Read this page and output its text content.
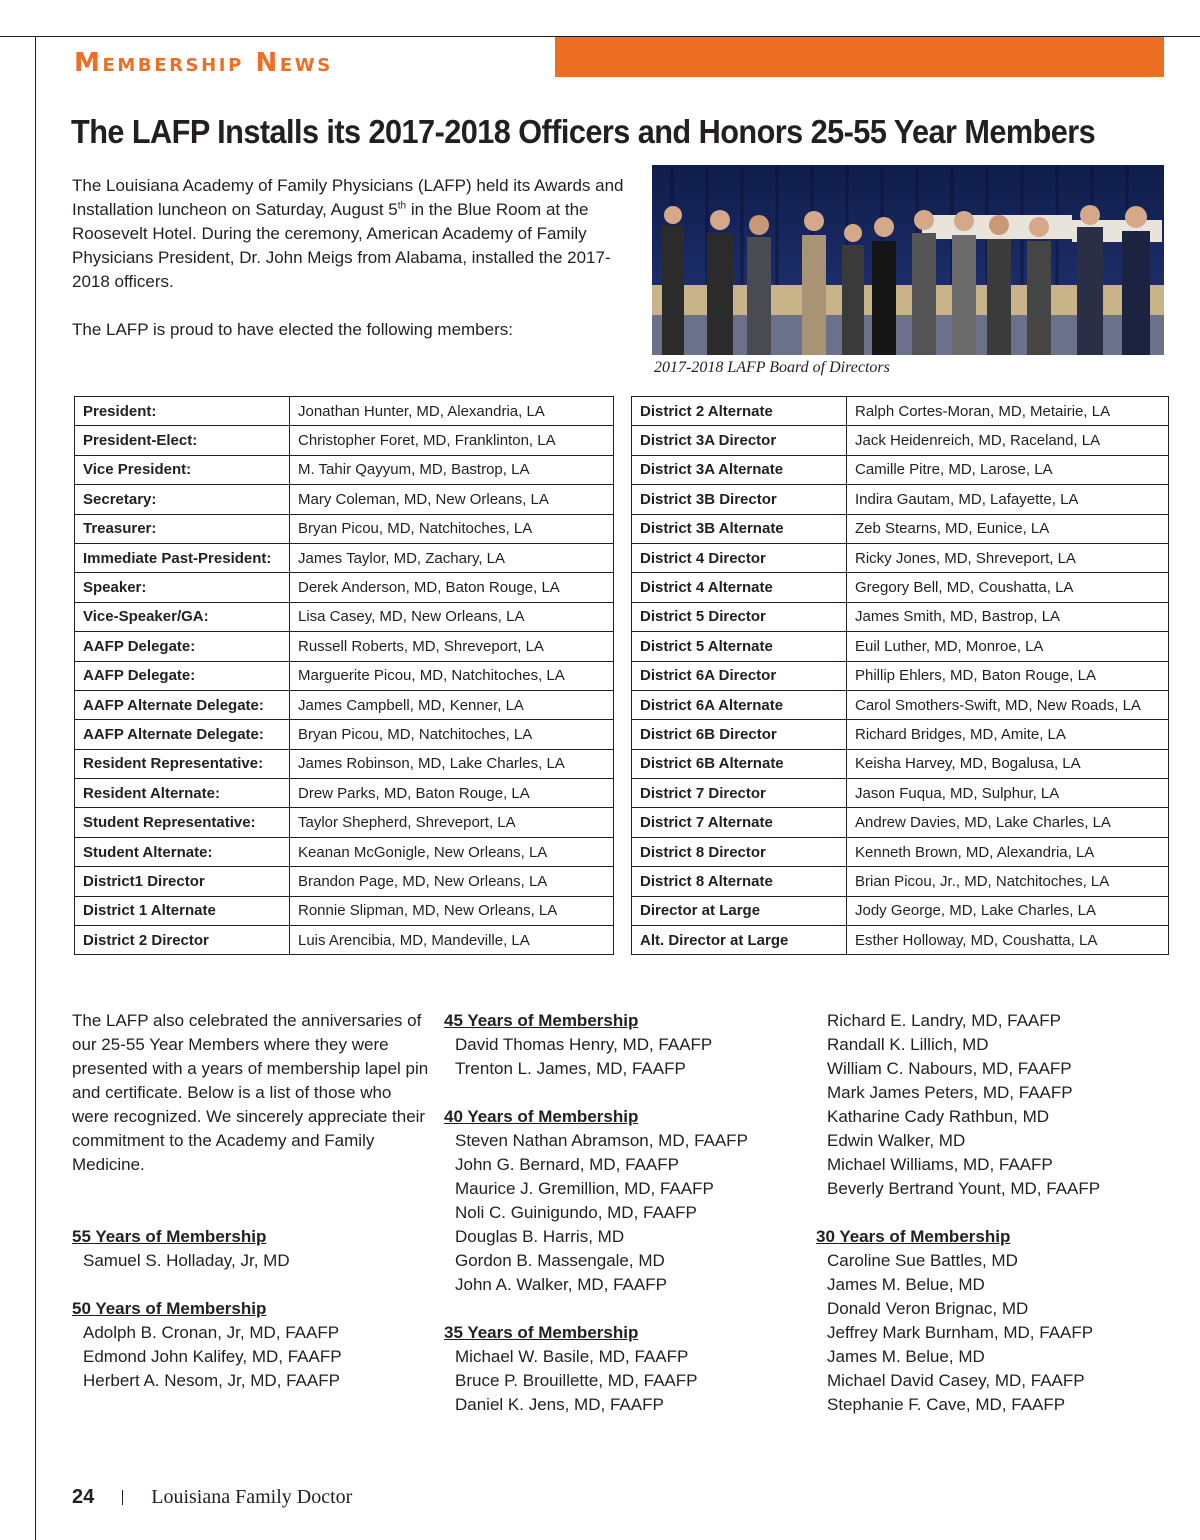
Membership News
The LAFP Installs its 2017-2018 Officers and Honors 25-55 Year Members

The Louisiana Academy of Family Physicians (LAFP) held its Awards and Installation luncheon on Saturday, August 5th in the Blue Room at the Roosevelt Hotel. During the ceremony, American Academy of Family Physicians President, Dr. John Meigs from Alabama, installed the 2017-2018 officers.

The LAFP is proud to have elected the following members:

2017-2018 LAFP Board of Directors
President:	Jonathan Hunter, MD, Alexandria, LA
President-Elect:	Christopher Foret, MD, Franklinton, LA
Vice President:	M. Tahir Qayyum, MD, Bastrop, LA
Secretary:	Mary Coleman, MD, New Orleans, LA
Treasurer:	Bryan Picou, MD, Natchitoches, LA
Immediate Past-President:	James Taylor, MD, Zachary, LA
Speaker:	Derek Anderson, MD, Baton Rouge, LA
Vice-Speaker/GA:	Lisa Casey, MD, New Orleans, LA
AAFP Delegate:	Russell Roberts, MD, Shreveport, LA
AAFP Delegate:	Marguerite Picou, MD, Natchitoches, LA
AAFP Alternate Delegate:	James Campbell, MD, Kenner, LA
AAFP Alternate Delegate:	Bryan Picou, MD, Natchitoches, LA
Resident Representative:	James Robinson, MD, Lake Charles, LA
Resident Alternate:	Drew Parks, MD, Baton Rouge, LA
Student Representative:	Taylor Shepherd, Shreveport, LA
Student Alternate:	Keanan McGonigle, New Orleans, LA
District1 Director	Brandon Page, MD, New Orleans, LA
District 1 Alternate	Ronnie Slipman, MD, New Orleans, LA
District 2 Director	Luis Arencibia, MD, Mandeville, LA
District 2 Alternate	Ralph Cortes-Moran, MD, Metairie, LA
District 3A Director	Jack Heidenreich, MD, Raceland, LA
District 3A Alternate	Camille Pitre, MD, Larose, LA
District 3B Director	Indira Gautam, MD, Lafayette, LA
District 3B Alternate	Zeb Stearns, MD, Eunice, LA
District 4 Director	Ricky Jones, MD, Shreveport, LA
District 4 Alternate	Gregory Bell, MD, Coushatta, LA
District 5 Director	James Smith, MD, Bastrop, LA
District 5 Alternate	Euil Luther, MD, Monroe, LA
District 6A Director	Phillip Ehlers, MD, Baton Rouge, LA
District 6A Alternate	Carol Smothers-Swift, MD, New Roads, LA
District 6B Director	Richard Bridges, MD, Amite, LA
District 6B Alternate	Keisha Harvey, MD, Bogalusa, LA
District 7 Director	Jason Fuqua, MD, Sulphur, LA
District 7 Alternate	Andrew Davies, MD, Lake Charles, LA
District 8 Director	Kenneth Brown, MD, Alexandria, LA
District 8 Alternate	Brian Picou, Jr., MD, Natchitoches, LA
Director at Large	Jody George, MD, Lake Charles, LA
Alt. Director at Large	Esther Holloway, MD, Coushatta, LA

The LAFP also celebrated the anniversaries of our 25-55 Year Members where they were presented with a years of membership lapel pin and certificate. Below is a list of those who were recognized. We sincerely appreciate their commitment to the Academy and Family Medicine.

55 Years of Membership
Samuel S. Holladay, Jr, MD
50 Years of Membership
Adolph B. Cronan, Jr, MD, FAAFP
Edmond John Kalifey, MD, FAAFP
Herbert A. Nesom, Jr, MD, FAAFP
45 Years of Membership
David Thomas Henry, MD, FAAFP
Trenton L. James, MD, FAAFP
40 Years of Membership
Steven Nathan Abramson, MD, FAAFP
John G. Bernard, MD, FAAFP
Maurice J. Gremillion, MD, FAAFP
Noli C. Guinigundo, MD, FAAFP
Douglas B. Harris, MD
Gordon B. Massengale, MD
John A. Walker, MD, FAAFP
35 Years of Membership
Michael W. Basile, MD, FAAFP
Bruce P. Brouillette, MD, FAAFP
Daniel K. Jens, MD, FAAFP
Richard E. Landry, MD, FAAFP
Randall K. Lillich, MD
William C. Nabours, MD, FAAFP
Mark James Peters, MD, FAAFP
Katharine Cady Rathbun, MD
Edwin Walker, MD
Michael Williams, MD, FAAFP
Beverly Bertrand Yount, MD, FAAFP
30 Years of Membership
Caroline Sue Battles, MD
James M. Belue, MD
Donald Veron Brignac, MD
Jeffrey Mark Burnham, MD, FAAFP
James M. Belue, MD
Michael David Casey, MD, FAAFP
Stephanie F. Cave, MD, FAAFP
24	Louisiana Family Doctor
